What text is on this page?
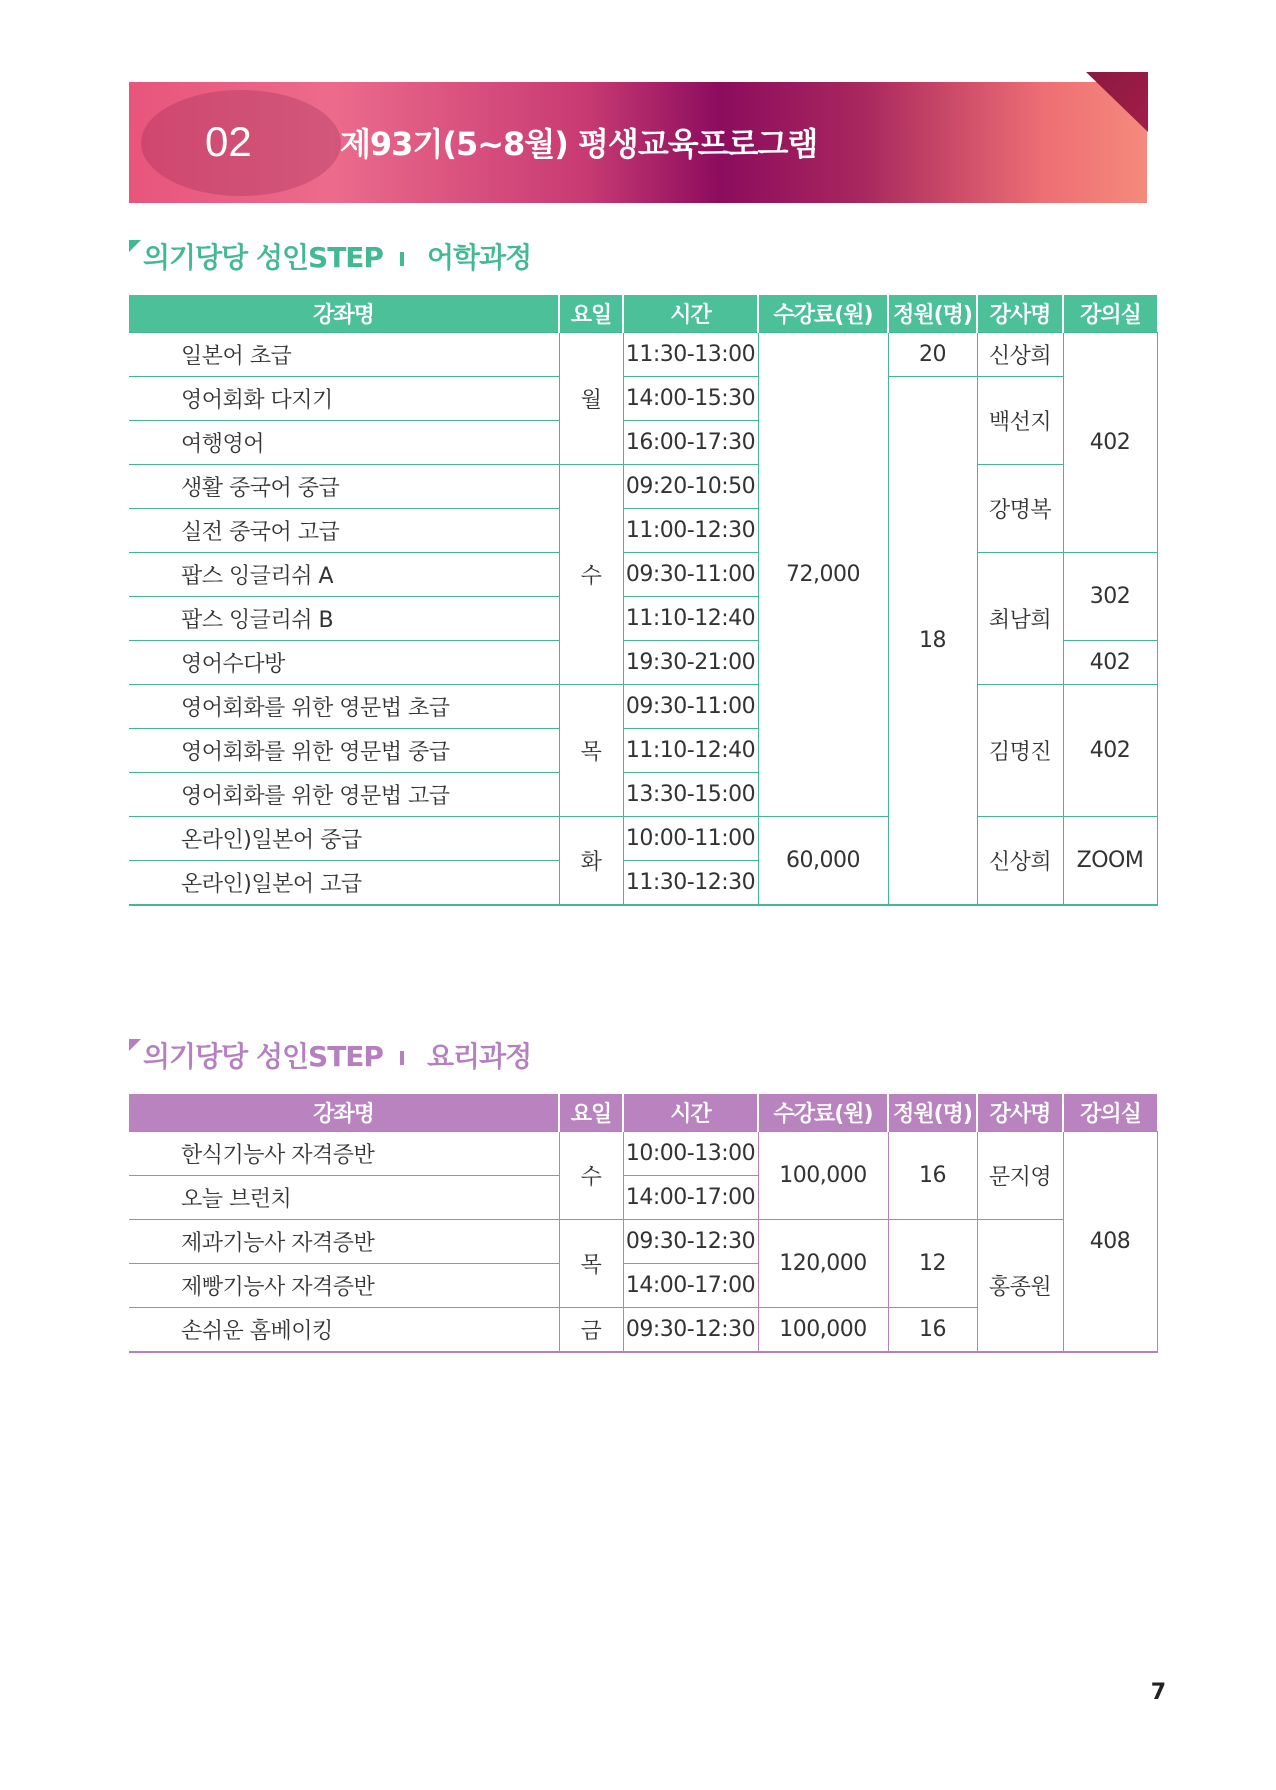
02	제93기(5~8월) 평생교육프로그램
의기당당 성인STEP 어학과정
강좌명	요일	시간	수강료(원)	정원(명)	강사명	강의실
일본어 초급	월	11:30-13:00	72,000	20	신상희	402
영어회화 다지기		14:00-15:30		18	백선지	
여행영어		16:00-17:30				
생활 중국어 중급	수	09:20-10:50			강명복	
실전 중국어 고급		11:00-12:30				
팝스 잉글리쉬 A		09:30-11:00			최남희	302
팝스 잉글리쉬 B		11:10-12:40				
영어수다방		19:30-21:00				402
영어회화를 위한 영문법 초급	목	09:30-11:00			김명진	402
영어회화를 위한 영문법 중급		11:10-12:40				
영어회화를 위한 영문법 고급		13:30-15:00				
온라인)일본어 중급	화	10:00-11:00	60,000		신상희	ZOOM
온라인)일본어 고급		11:30-12:30				
의기당당 성인STEP 요리과정
강좌명	요일	시간	수강료(원)	정원(명)	강사명	강의실
한식기능사 자격증반	수	10:00-13:00	100,000	16	문지영	408
오늘 브런치		14:00-17:00				
제과기능사 자격증반	목	09:30-12:30	120,000	12	홍종원	
제빵기능사 자격증반		14:00-17:00				
손쉬운 홈베이킹	금	09:30-12:30	100,000	16		
7
